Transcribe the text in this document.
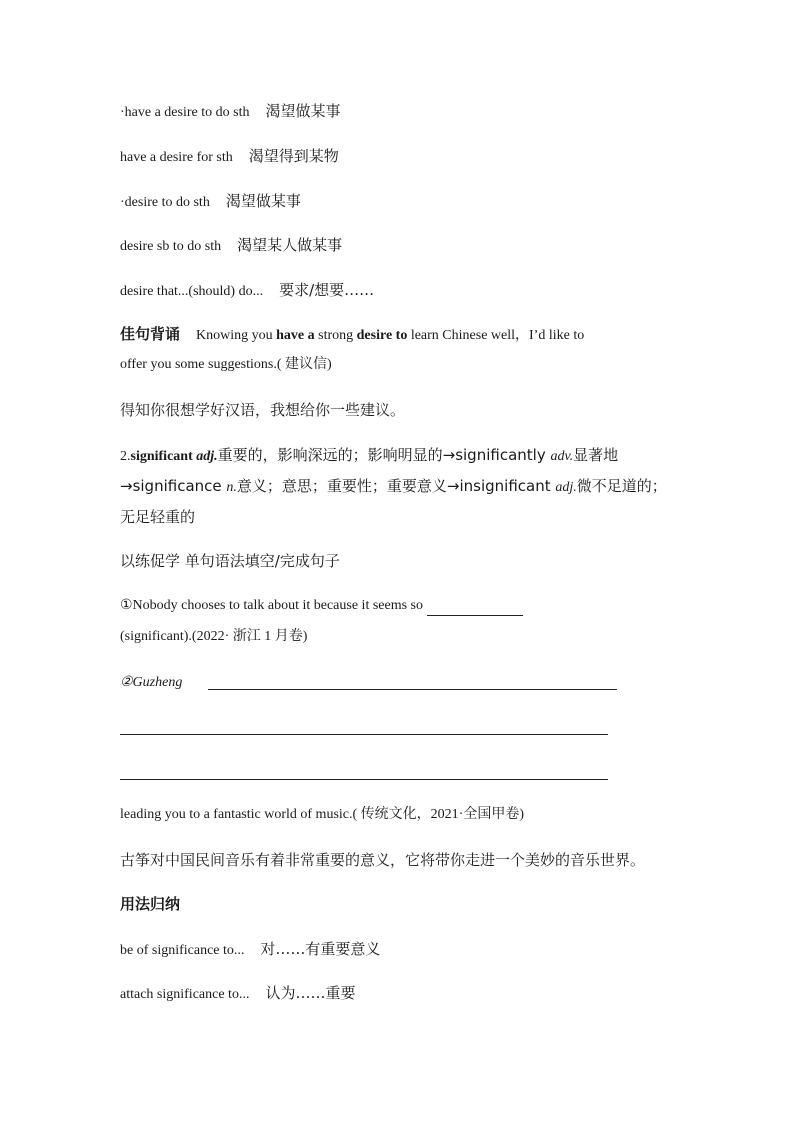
·have a desire to do sth 渴望做某事
have a desire for sth 渴望得到某物
·desire to do sth 渴望做某事
desire sb to do sth 渴望某人做某事
desire that...(should) do... 要求/想要……
佳句背诵 Knowing you have a strong desire to learn Chinese well，I’d like to
offer you some suggestions.( 建议信)
得知你很想学好汉语，我想给你一些建议。
2.significant adj.重要的，影响深远的；影响明显的→significantly adv.显著地
→significance n.意义；意思；重要性；重要意义→insignificant adj.微不足道的；
无足轻重的
以练促学 单句语法填空/完成句子
①Nobody chooses to talk about it because it seems so
(significant).(2022· 浙江 1 月卷)
②Guzheng
leading you to a fantastic world of music.( 传统文化，2021·全国甲卷)
古筝对中国民间音乐有着非常重要的意义，它将带你走进一个美妙的音乐世界。
用法归纳
be of significance to... 对……有重要意义
attach significance to... 认为……重要
